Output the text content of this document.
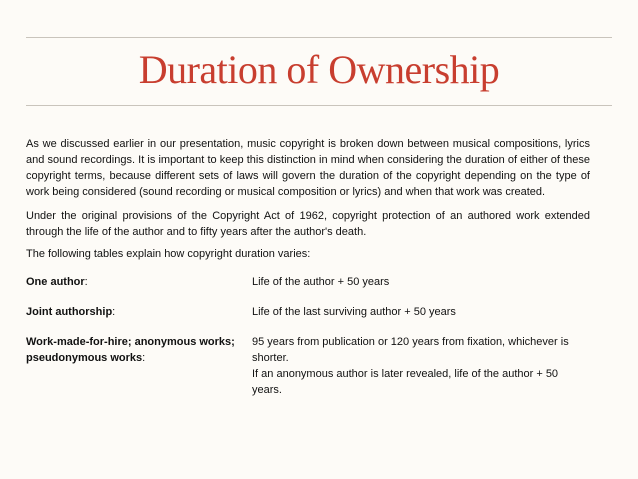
Duration of Ownership

As we discussed earlier in our presentation, music copyright is broken down between musical compositions, lyrics and sound recordings. It is important to keep this distinction in mind when considering the duration of either of these copyright terms, because different sets of laws will govern the duration of the copyright depending on the type of work being considered (sound recording or musical composition or lyrics) and when that work was created.

Under the original provisions of the Copyright Act of 1962, copyright protection of an authored work extended through the life of the author and to fifty years after the author's death.

The following tables explain how copyright duration varies:

One author:	Life of the author + 50 years
Joint authorship:	Life of the last surviving author + 50 years
Work-made-for-hire; anonymous works;
pseudonymous works:
95 years from publication or 120 years from fixation, whichever is shorter.
If an anonymous author is later revealed, life of the author + 50 years.
